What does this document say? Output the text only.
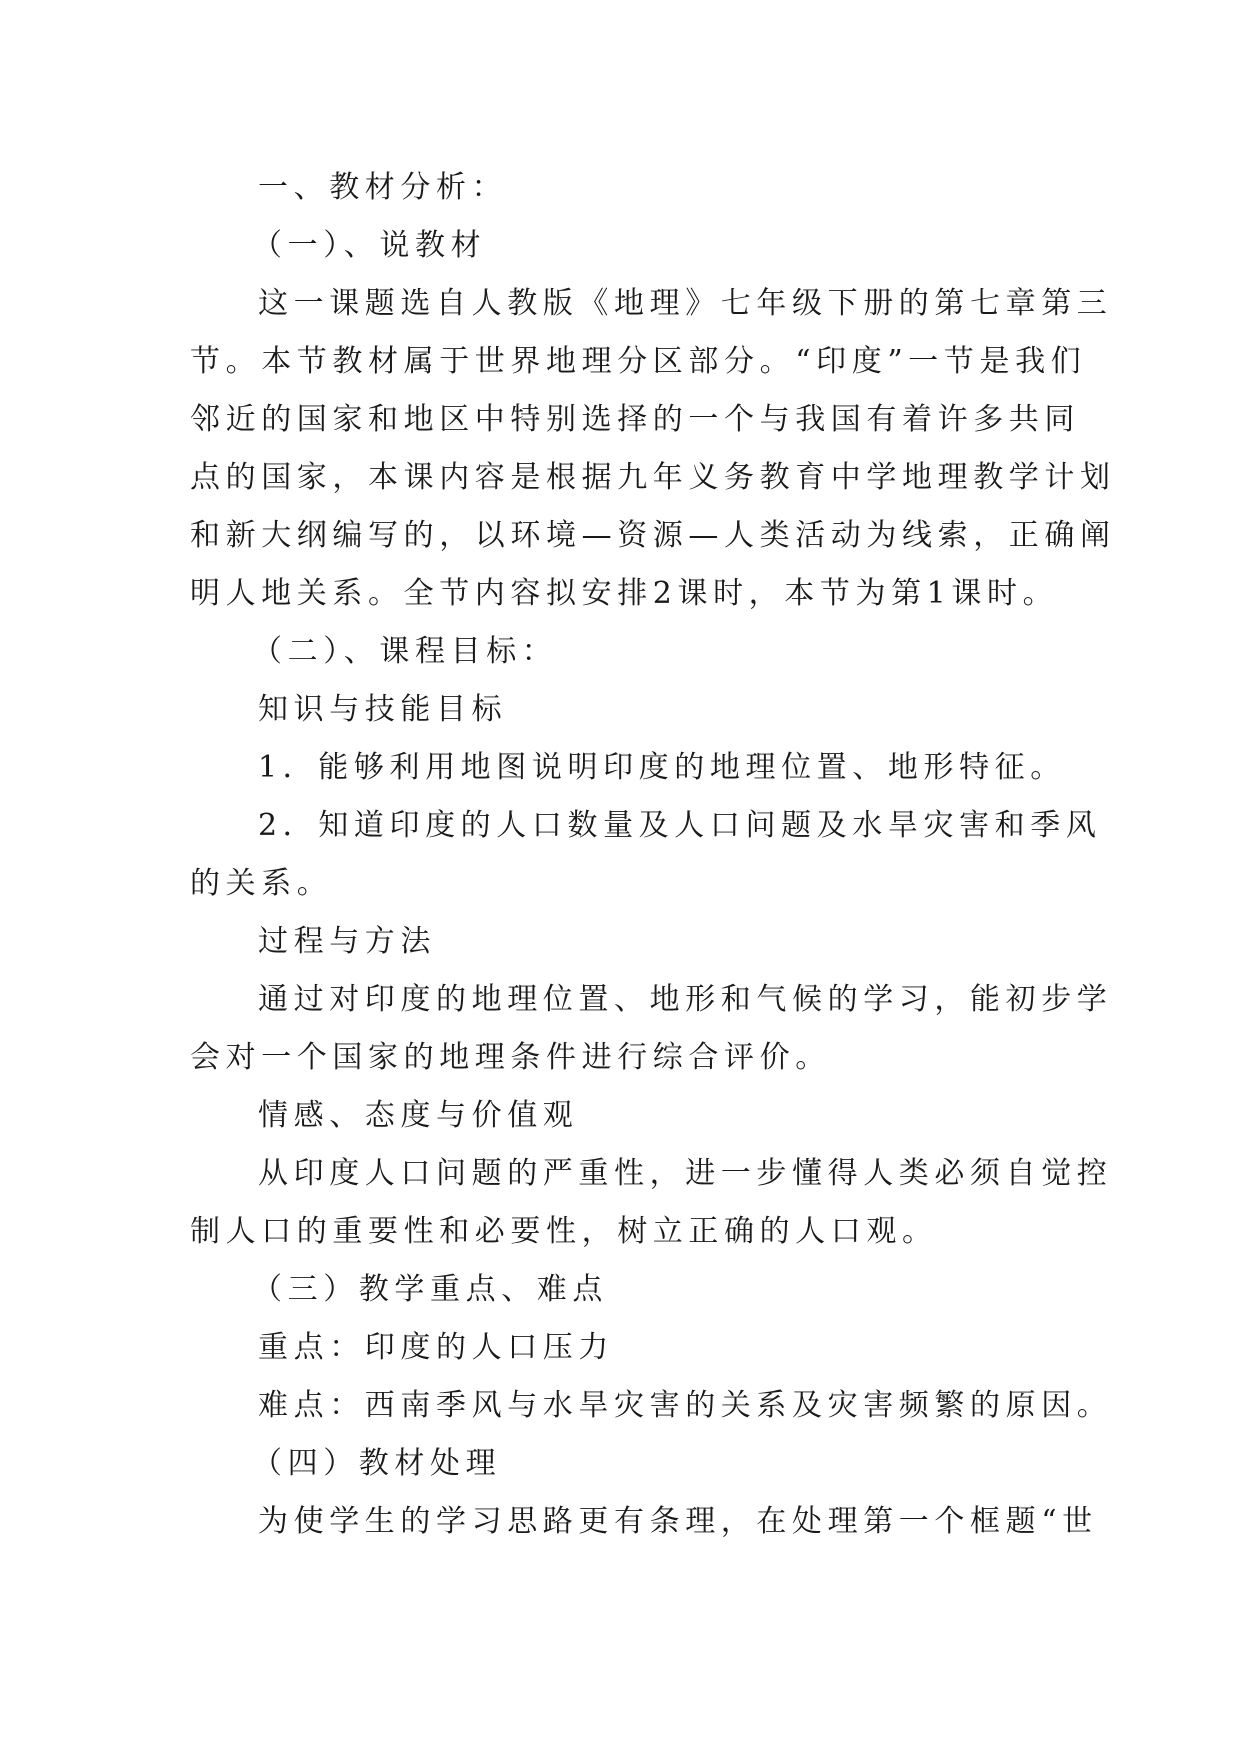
一、教材分析：
（一）、说教材
这一课题选自人教版《地理》七年级下册的第七章第三
节。本节教材属于世界地理分区部分。“印度”一节是我们
邻近的国家和地区中特别选择的一个与我国有着许多共同
点的国家，本课内容是根据九年义务教育中学地理教学计划
和新大纲编写的，以环境—资源—人类活动为线索，正确阐
明人地关系。全节内容拟安排2课时，本节为第1课时。
（二）、课程目标：
知识与技能目标
1．能够利用地图说明印度的地理位置、地形特征。
2．知道印度的人口数量及人口问题及水旱灾害和季风
的关系。
过程与方法
通过对印度的地理位置、地形和气候的学习，能初步学
会对一个国家的地理条件进行综合评价。
情感、态度与价值观
从印度人口问题的严重性，进一步懂得人类必须自觉控
制人口的重要性和必要性，树立正确的人口观。
（三）教学重点、难点
重点：印度的人口压力
难点：西南季风与水旱灾害的关系及灾害频繁的原因。
（四）教材处理
为使学生的学习思路更有条理，在处理第一个框题“世
